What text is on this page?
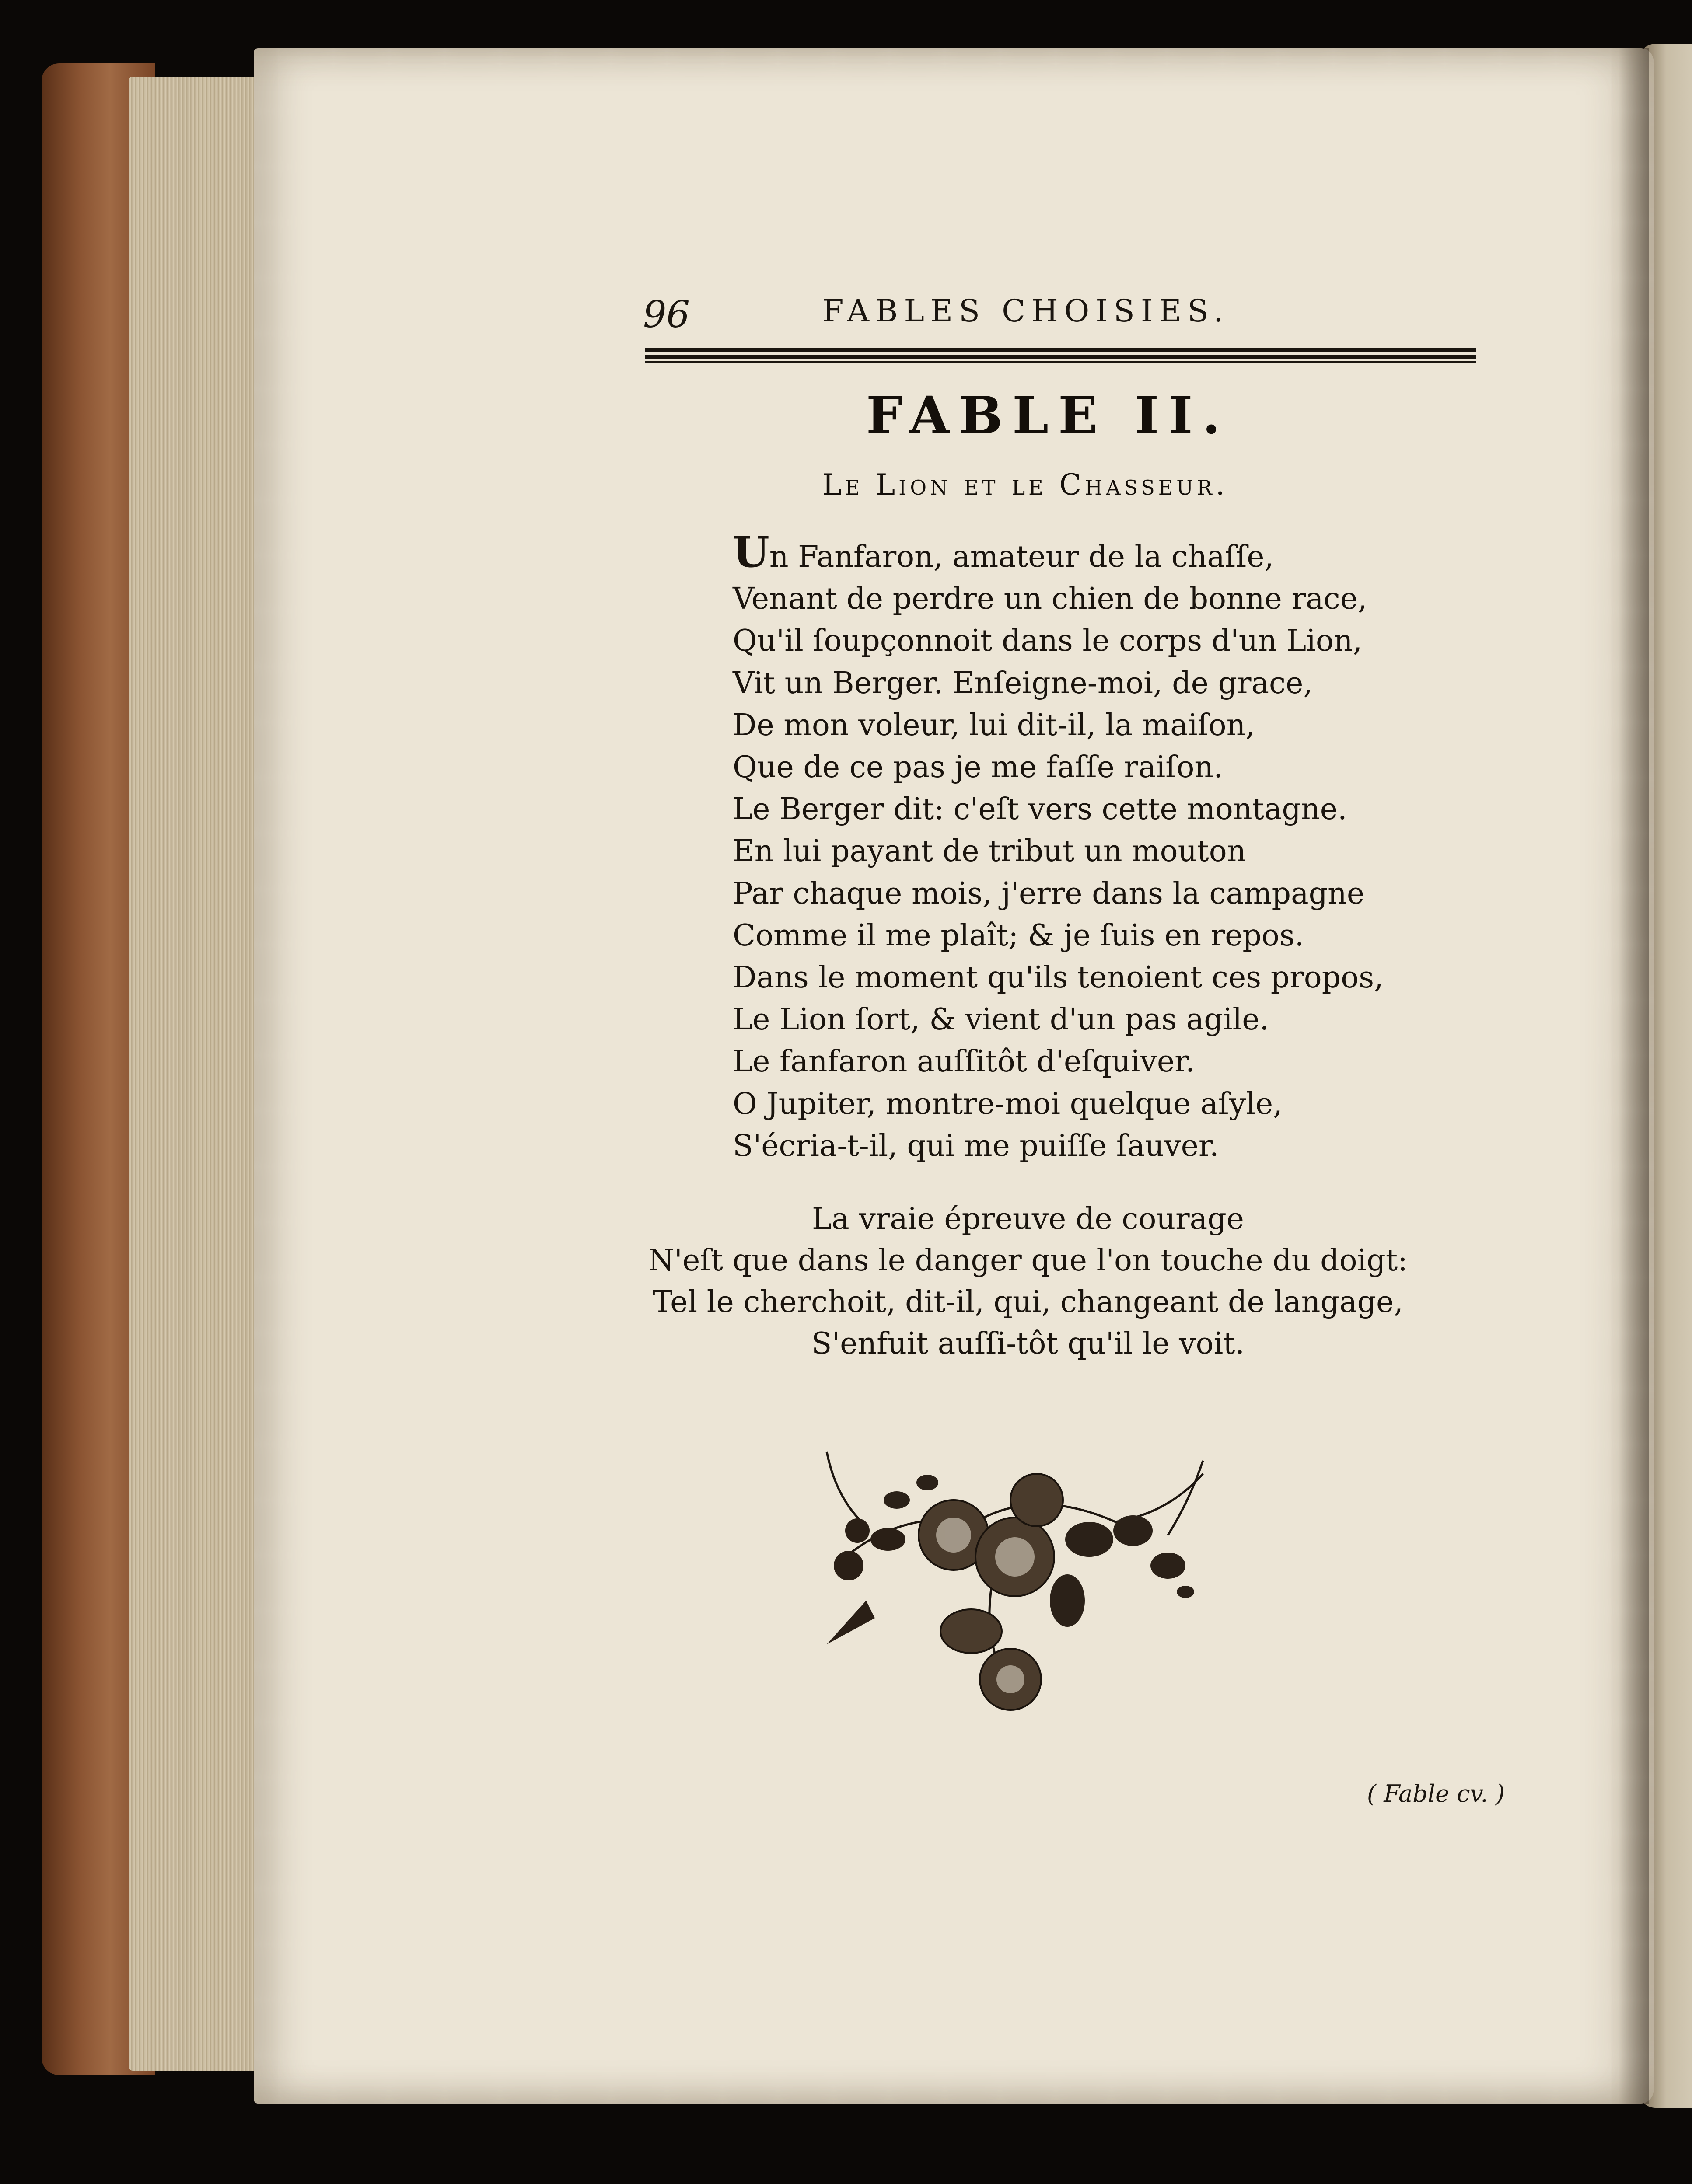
96	FABLES CHOISIES.
FABLE II.
Le Lion et le Chasseur.
Un Fanfaron, amateur de la chaſſe,
Venant de perdre un chien de bonne race,
Qu'il ſoupçonnoit dans le corps d'un Lion,
Vit un Berger. Enſeigne-moi, de grace,
De mon voleur, lui dit-il, la maiſon,
Que de ce pas je me faſſe raiſon.
Le Berger dit: c'eſt vers cette montagne.
En lui payant de tribut un mouton
Par chaque mois, j'erre dans la campagne
Comme il me plaît; & je ſuis en repos.
Dans le moment qu'ils tenoient ces propos,
Le Lion ſort, & vient d'un pas agile.
Le fanfaron auſſitôt d'eſquiver.
O Jupiter, montre-moi quelque aſyle,
S'écria-t-il, qui me puiſſe ſauver.
La vraie épreuve de courage
N'eſt que dans le danger que l'on touche du doigt:
Tel le cherchoit, dit-il, qui, changeant de langage,
S'enfuit auſſi-tôt qu'il le voit.
( Fable cv. )
